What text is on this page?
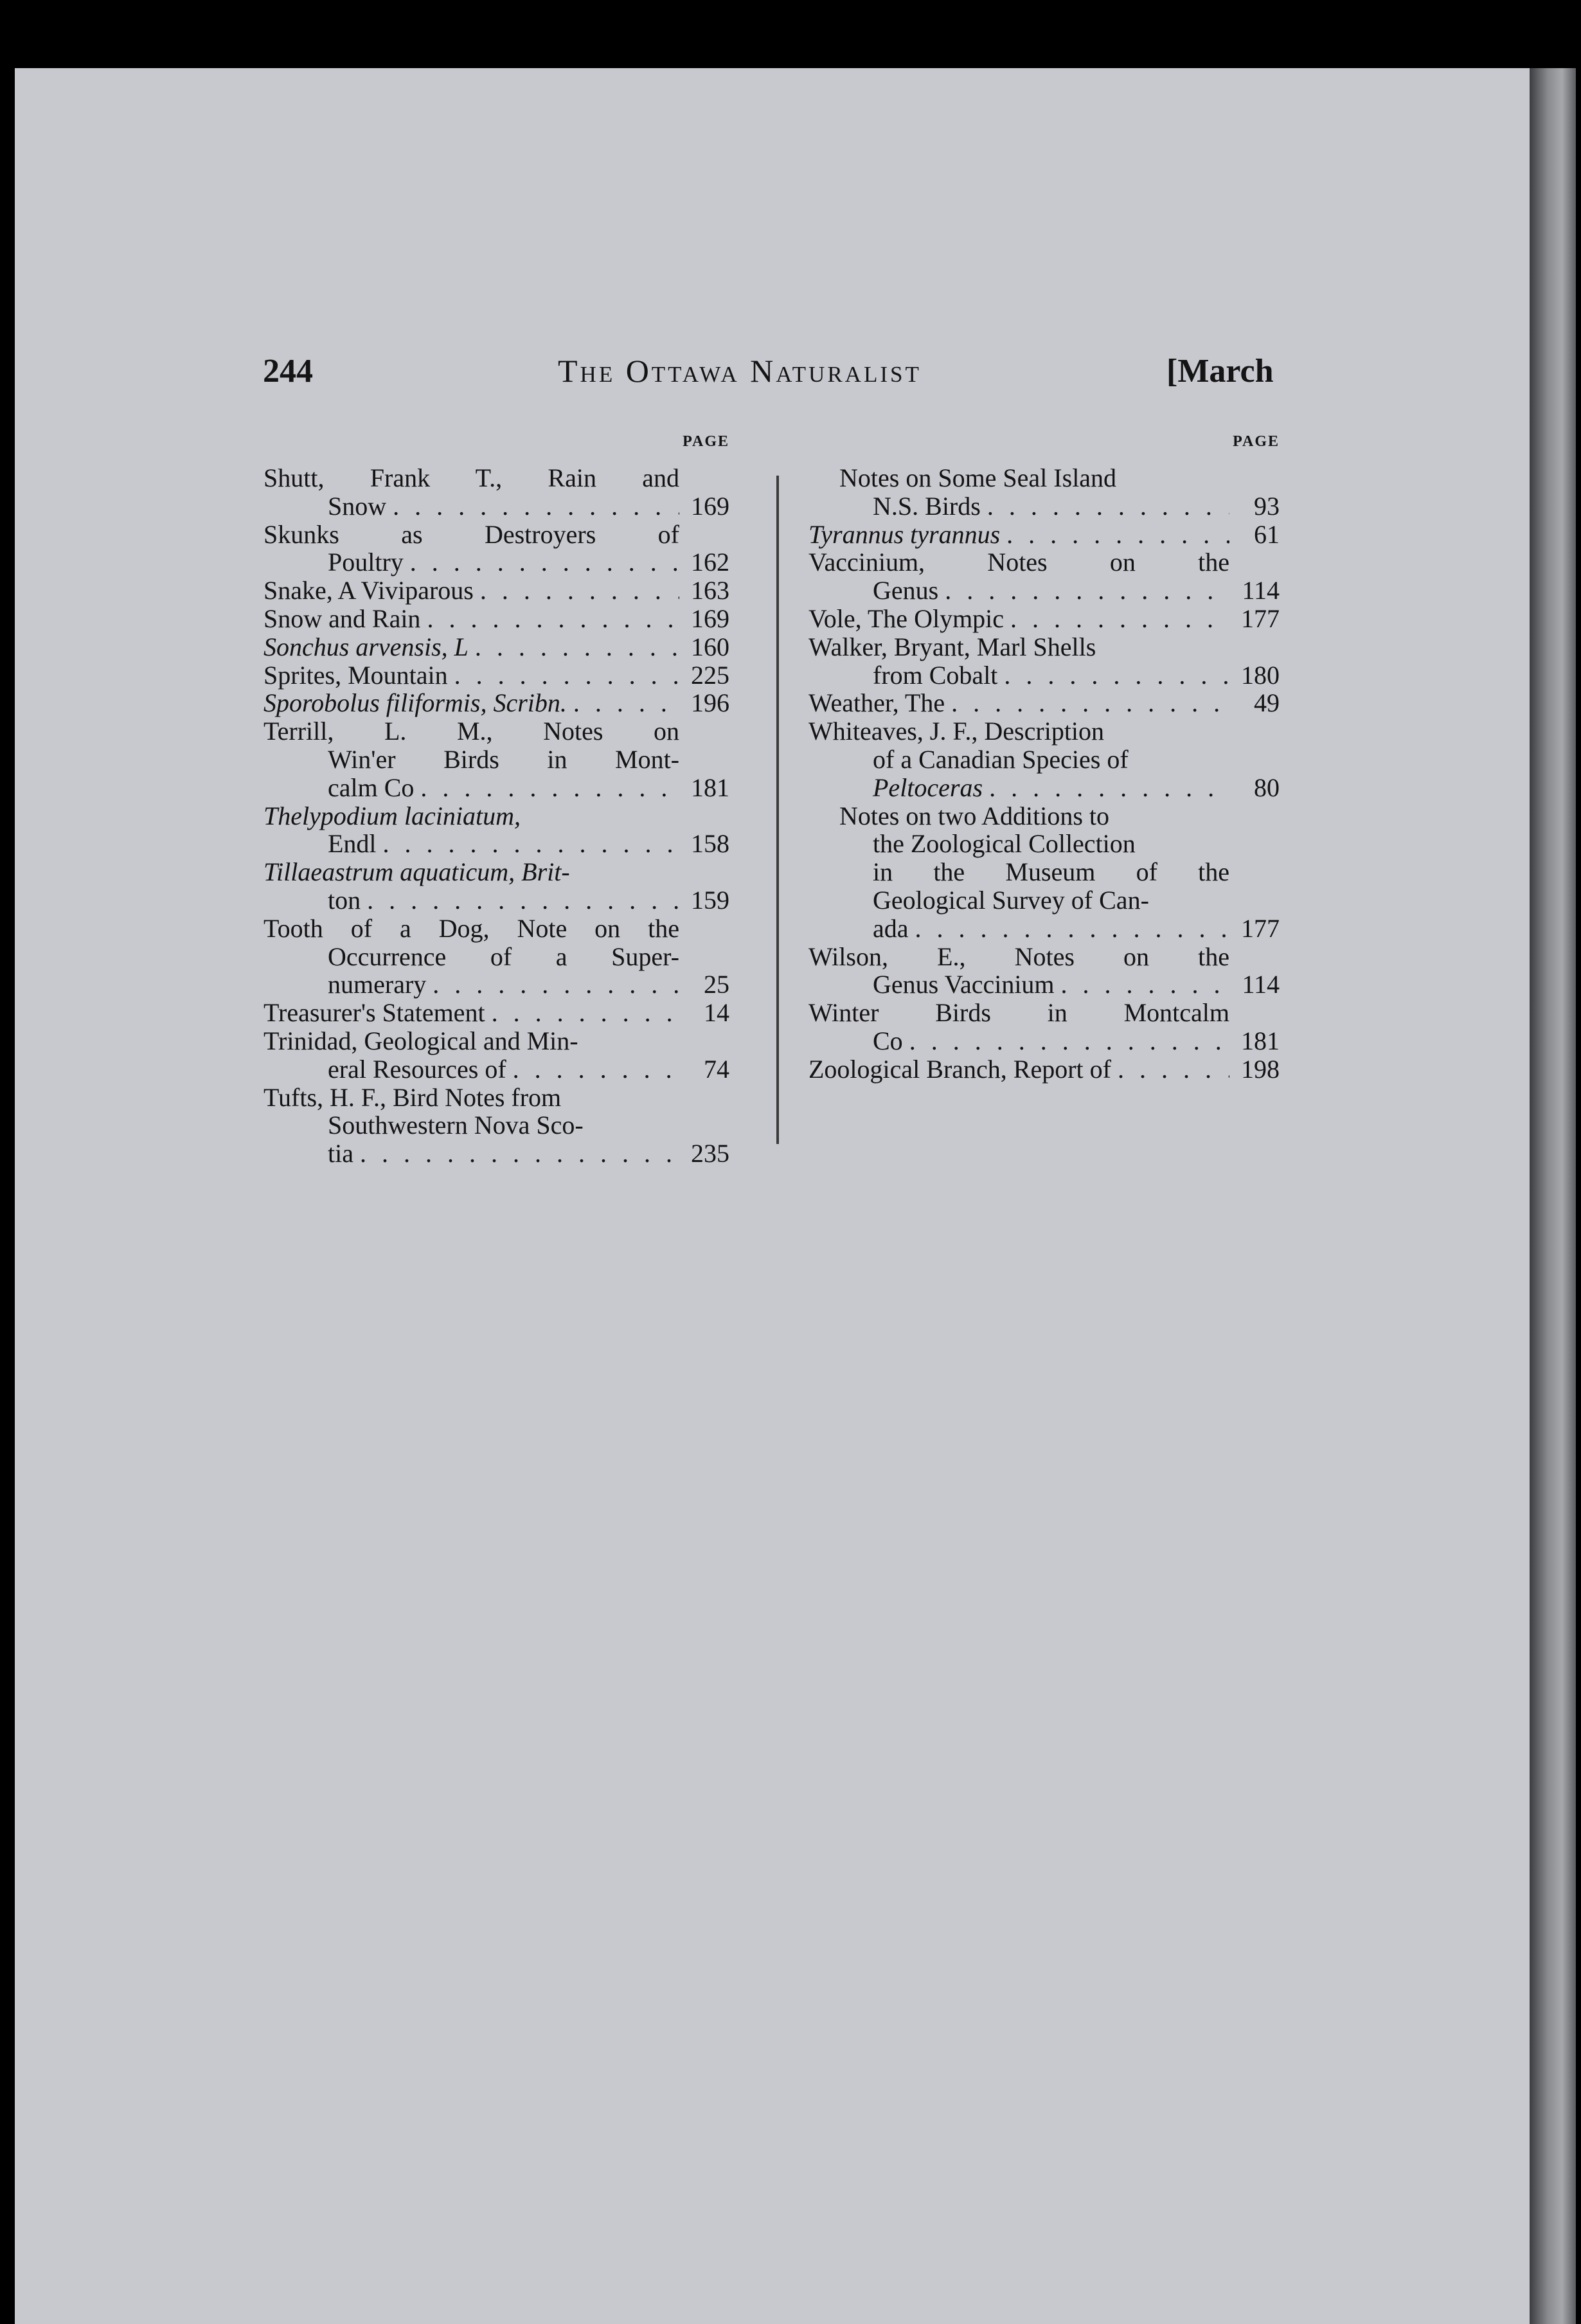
244	The Ottawa Naturalist	[March
PAGE
Shutt, Frank T., Rain and
Snow . . .	169
Skunks as Destroyers of
Poultry . . .	162
Snake, A Viviparous . . .	163
Snow and Rain . . .	169
Sonchus arvensis, L . . .	160
Sprites, Mountain . . .	225
Sporobolus filiformis, Scribn. . . .	196
Terrill, L. M., Notes on
Win'er Birds in Mont-
calm Co . . .	181
Thelypodium laciniatum,
Endl . . .	158
Tillaeastrum aquaticum, Brit-
ton . . .	159
Tooth of a Dog, Note on the
Occurrence of a Super-
numerary . . .	25
Treasurer's Statement . . .	14
Trinidad, Geological and Min-
eral Resources of . . .	74
Tufts, H. F., Bird Notes from
Southwestern Nova Sco-
tia . . .	235
PAGE
Notes on Some Seal Island
N.S. Birds . . .	93
Tyrannus tyrannus . . .	61
Vaccinium, Notes on the
Genus . . .	114
Vole, The Olympic . . .	177
Walker, Bryant, Marl Shells
from Cobalt . . .	180
Weather, The . . .	49
Whiteaves, J. F., Description
of a Canadian Species of
Peltoceras . . .	80
Notes on two Additions to
the Zoological Collection
in the Museum of the
Geological Survey of Can-
ada . . .	177
Wilson, E., Notes on the
Genus Vaccinium . . .	114
Winter Birds in Montcalm
Co . . .	181
Zoological Branch, Report of . . .	198
